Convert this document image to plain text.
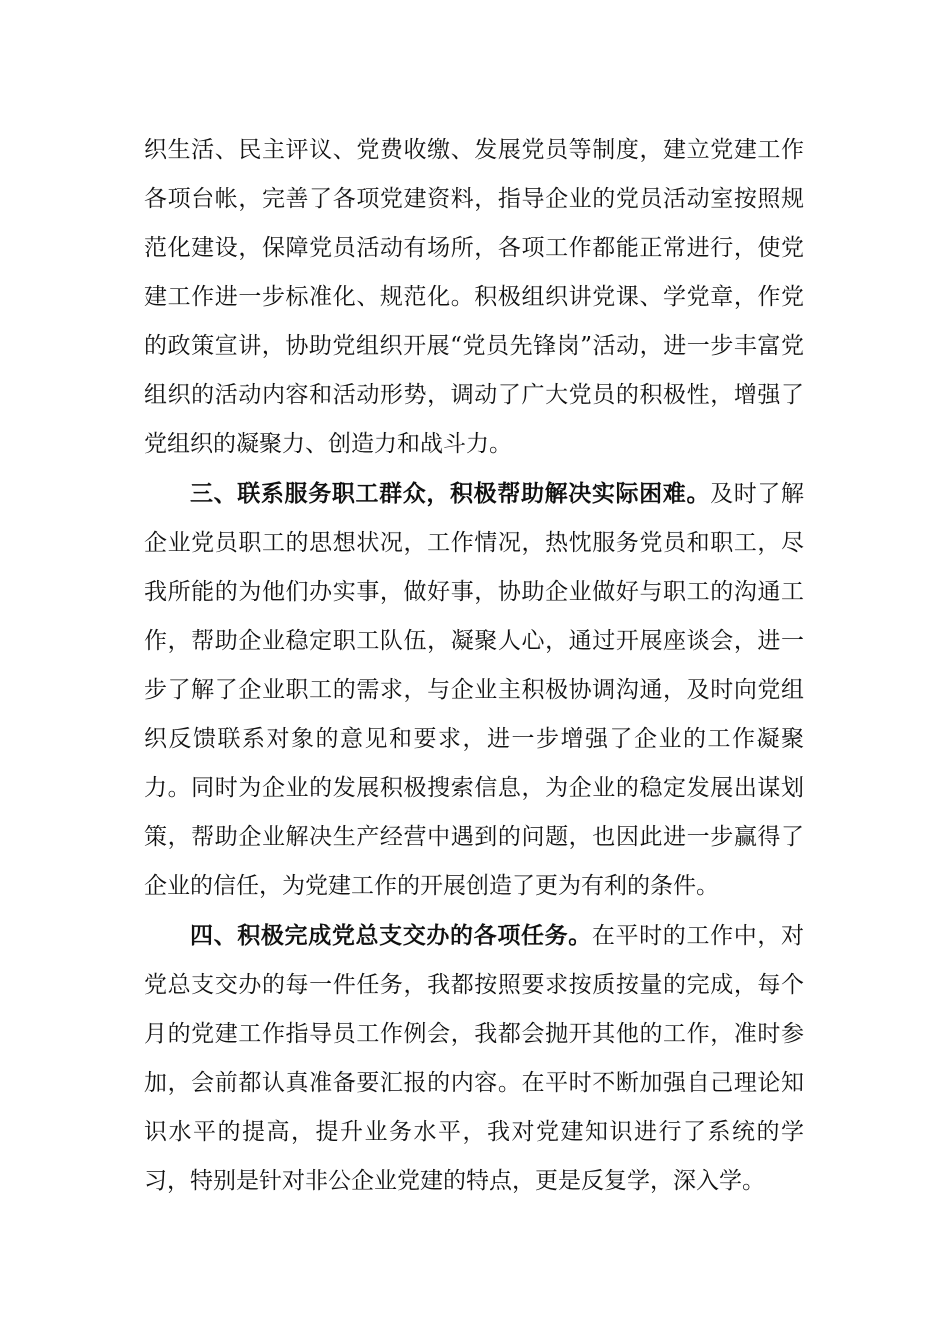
织生活、民主评议、党费收缴、发展党员等制度，建立党建工作各项台帐，完善了各项党建资料，指导企业的党员活动室按照规范化建设，保障党员活动有场所，各项工作都能正常进行，使党建工作进一步标准化、规范化。积极组织讲党课、学党章，作党的政策宣讲，协助党组织开展“党员先锋岗”活动，进一步丰富党组织的活动内容和活动形势，调动了广大党员的积极性，增强了党组织的凝聚力、创造力和战斗力。

三、联系服务职工群众，积极帮助解决实际困难。及时了解企业党员职工的思想状况，工作情况，热忱服务党员和职工，尽我所能的为他们办实事，做好事，协助企业做好与职工的沟通工作，帮助企业稳定职工队伍，凝聚人心，通过开展座谈会，进一步了解了企业职工的需求，与企业主积极协调沟通，及时向党组织反馈联系对象的意见和要求，进一步增强了企业的工作凝聚力。同时为企业的发展积极搜索信息，为企业的稳定发展出谋划策，帮助企业解决生产经营中遇到的问题，也因此进一步赢得了企业的信任，为党建工作的开展创造了更为有利的条件。

四、积极完成党总支交办的各项任务。在平时的工作中，对党总支交办的每一件任务，我都按照要求按质按量的完成，每个月的党建工作指导员工作例会，我都会抛开其他的工作，准时参加，会前都认真准备要汇报的内容。在平时不断加强自己理论知识水平的提高，提升业务水平，我对党建知识进行了系统的学习，特别是针对非公企业党建的特点，更是反复学，深入学。
